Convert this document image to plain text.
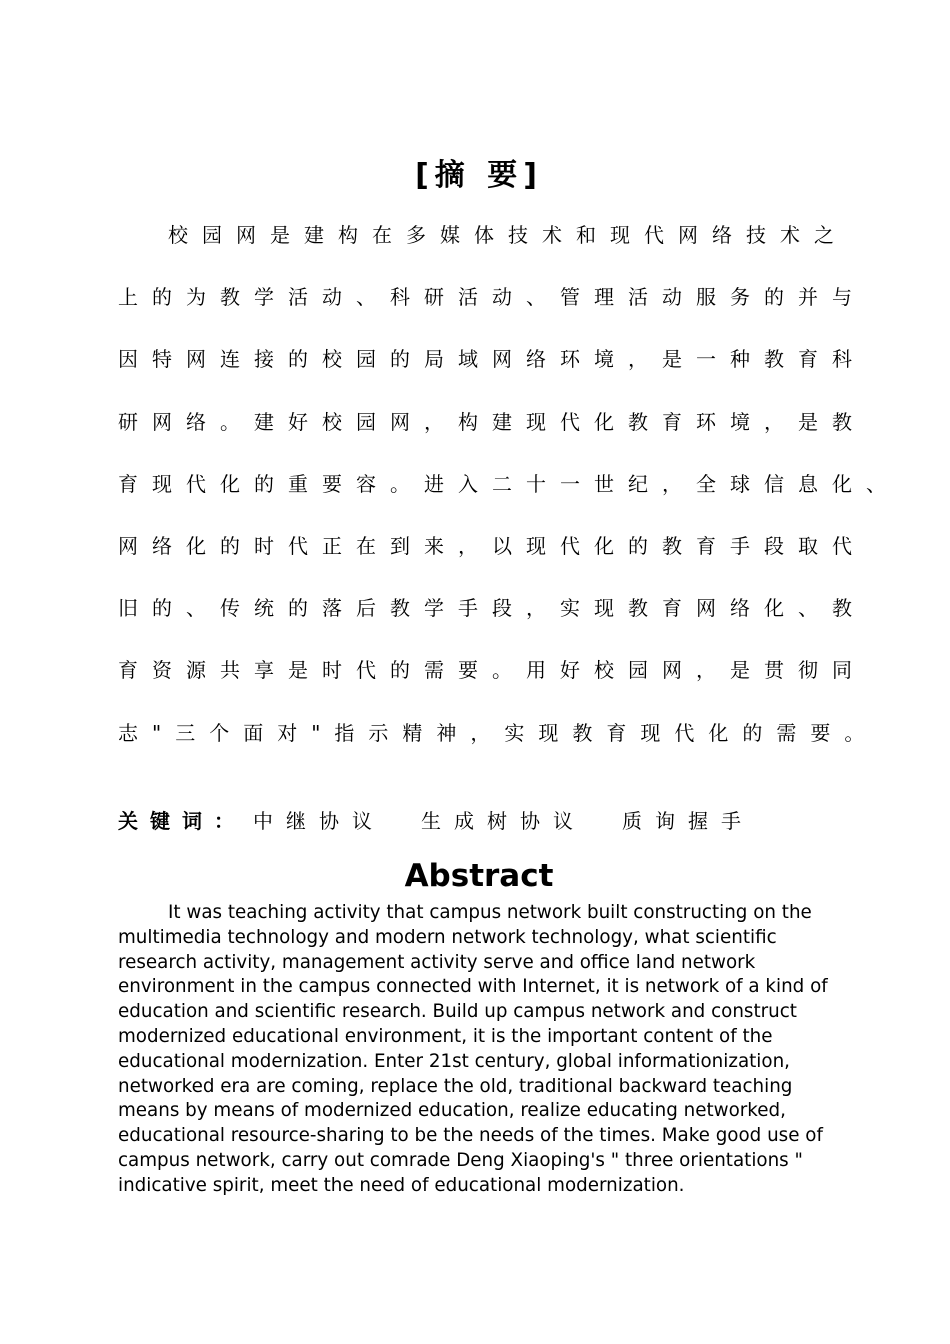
[摘 要]
校园网是建构在多媒体技术和现代网络技术之
上的为教学活动、科研活动、管理活动服务的并与
因特网连接的校园的局域网络环境，是一种教育科
研网络。建好校园网，构建现代化教育环境，是教
育现代化的重要容。进入二十一世纪，全球信息化、
网络化的时代正在到来，以现代化的教育手段取代
旧的、传统的落后教学手段，实现教育网络化、教
育资源共享是时代的需要。用好校园网，是贯彻同
志"三个面对"指示精神，实现教育现代化的需要。
关键词： 中继协议 生成树协议 质询握手
Abstract
It was teaching activity that campus network built constructing on the multimedia technology and modern network technology, what scientific research activity, management activity serve and office land network environment in the campus connected with Internet, it is network of a kind of education and scientific research. Build up campus network and construct modernized educational environment, it is the important content of the educational modernization. Enter 21st century, global informationization, networked era are coming, replace the old, traditional backward teaching means by means of modernized education, realize educating networked, educational resource-sharing to be the needs of the times. Make good use of campus network, carry out comrade Deng Xiaoping's " three orientations " indicative spirit, meet the need of educational modernization.
